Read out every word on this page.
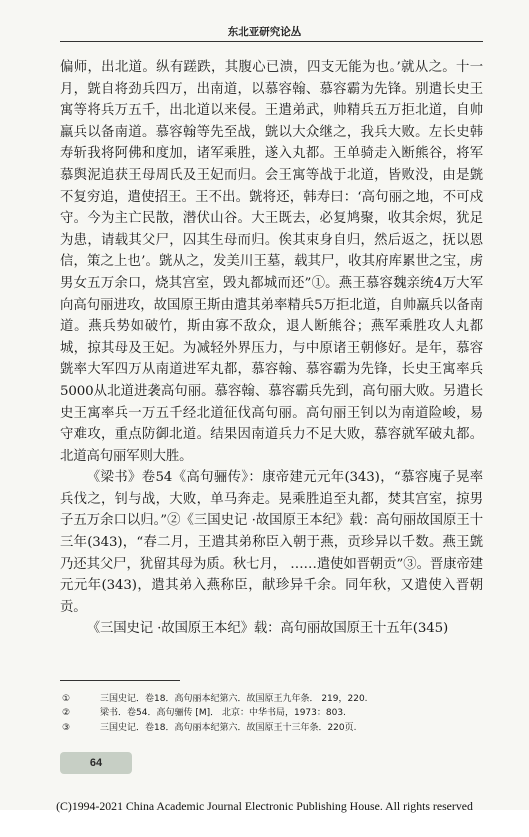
东北亚研究论丛

偏师，出北道。纵有蹉跌，其腹心已溃，四支无能为也。’就从之。十一月，皝自将劲兵四万，出南道，以慕容翰、慕容霸为先锋。别遣长史王寓等将兵万五千，出北道以来侵。王遣弟武，帅精兵五万拒北道，自帅羸兵以备南道。慕容翰等先至战，皝以大众继之，我兵大败。左长史韩寿斩我将阿佛和度加，诸军乘胜，遂入丸都。王单骑走入断熊谷，将军慕舆泥追获王母周氏及王妃而归。会王寓等战于北道，皆败没，由是皝不复穷追，遣使招王。王不出。皝将还，韩寿曰：‘高句丽之地，不可戍守。今为主亡民散，潜伏山谷。大王既去，必复鸠聚，收其余烬，犹足为患，请载其父尸，囚其生母而归。俟其束身自归，然后返之，抚以恩信，策之上也’。皝从之，发美川王墓，载其尸，收其府库累世之宝，虏男女五万余口，烧其宫室，毁丸都城而还”①。燕王慕容魏亲统4万大军向高句丽进攻，故国原王斯由遣其弟率精兵5万拒北道，自帅羸兵以备南道。燕兵势如破竹，斯由寡不敌众，退人断熊谷；燕军乘胜攻人丸都城，掠其母及王妃。为减轻外界压力，与中原诸王朝修好。是年，慕容皝率大军四万从南道进军丸都，慕容翰、慕容霸为先锋，长史王寓率兵5000从北道进袭高句丽。慕容翰、慕容霸兵先到，高句丽大败。另遣长史王寓率兵一万五千经北道征伐高句丽。高句丽王钊以为南道险峻，易守难攻，重点防御北道。结果因南道兵力不足大败，慕容就军破丸都。北道高句丽军则大胜。

《梁书》卷54《高句骊传》：康帝建元元年(343)，“慕容廆子晃率兵伐之，钊与战，大败，单马奔走。晃乘胜追至丸都，焚其宫室，掠男子五万余口以归。”②《三国史记 ·故国原王本纪》载：高句丽故国原王十三年(343)，“春二月，王遣其弟称臣入朝于燕，贡珍异以千数。燕王皝乃还其父尸，犹留其母为质。秋七月， ……遣使如晋朝贡”③。晋康帝建元元年(343)，遣其弟入燕称臣，献珍异千余。同年秋，又遣使入晋朝贡。

《三国史记 ·故国原王本纪》载：高句丽故国原王十五年(345)

①	三国史记．卷18．高句丽本纪第六．故国原王九年条． 219，220.
②	梁书．卷54．高句骊传 [M]． 北京：中华书局，1973：803.
③	三国史记．卷18．高句丽本纪第六．故国原王十三年条．220页.
64
(C)1994-2021 China Academic Journal Electronic Publishing House. All rights reserved
